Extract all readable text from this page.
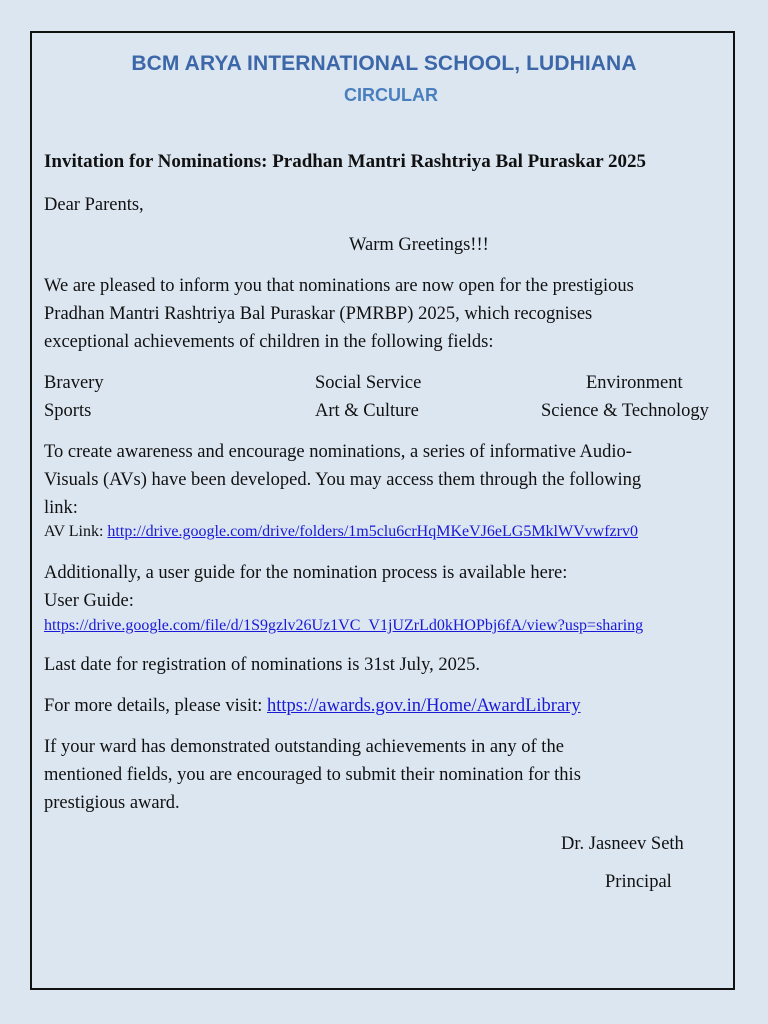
BCM ARYA INTERNATIONAL SCHOOL, LUDHIANA
CIRCULAR
Invitation for Nominations: Pradhan Mantri Rashtriya Bal Puraskar 2025
Dear Parents,
Warm Greetings!!!
We are pleased to inform you that nominations are now open for the prestigious
Pradhan Mantri Rashtriya Bal Puraskar (PMRBP) 2025, which recognises
exceptional achievements of children in the following fields:
Bravery	Social Service	Environment
Sports	Art & Culture	Science & Technology
To create awareness and encourage nominations, a series of informative Audio-
Visuals (AVs) have been developed. You may access them through the following
link:
AV Link: http://drive.google.com/drive/folders/1m5clu6crHqMKeVJ6eLG5MklWVvwfzrv0
Additionally, a user guide for the nomination process is available here:
User Guide:
https://drive.google.com/file/d/1S9gzlv26Uz1VC_V1jUZrLd0kHOPbj6fA/view?usp=sharing
Last date for registration of nominations is 31st July, 2025.
For more details, please visit: https://awards.gov.in/Home/AwardLibrary
If your ward has demonstrated outstanding achievements in any of the
mentioned fields, you are encouraged to submit their nomination for this
prestigious award.
Dr. Jasneev Seth
Principal
